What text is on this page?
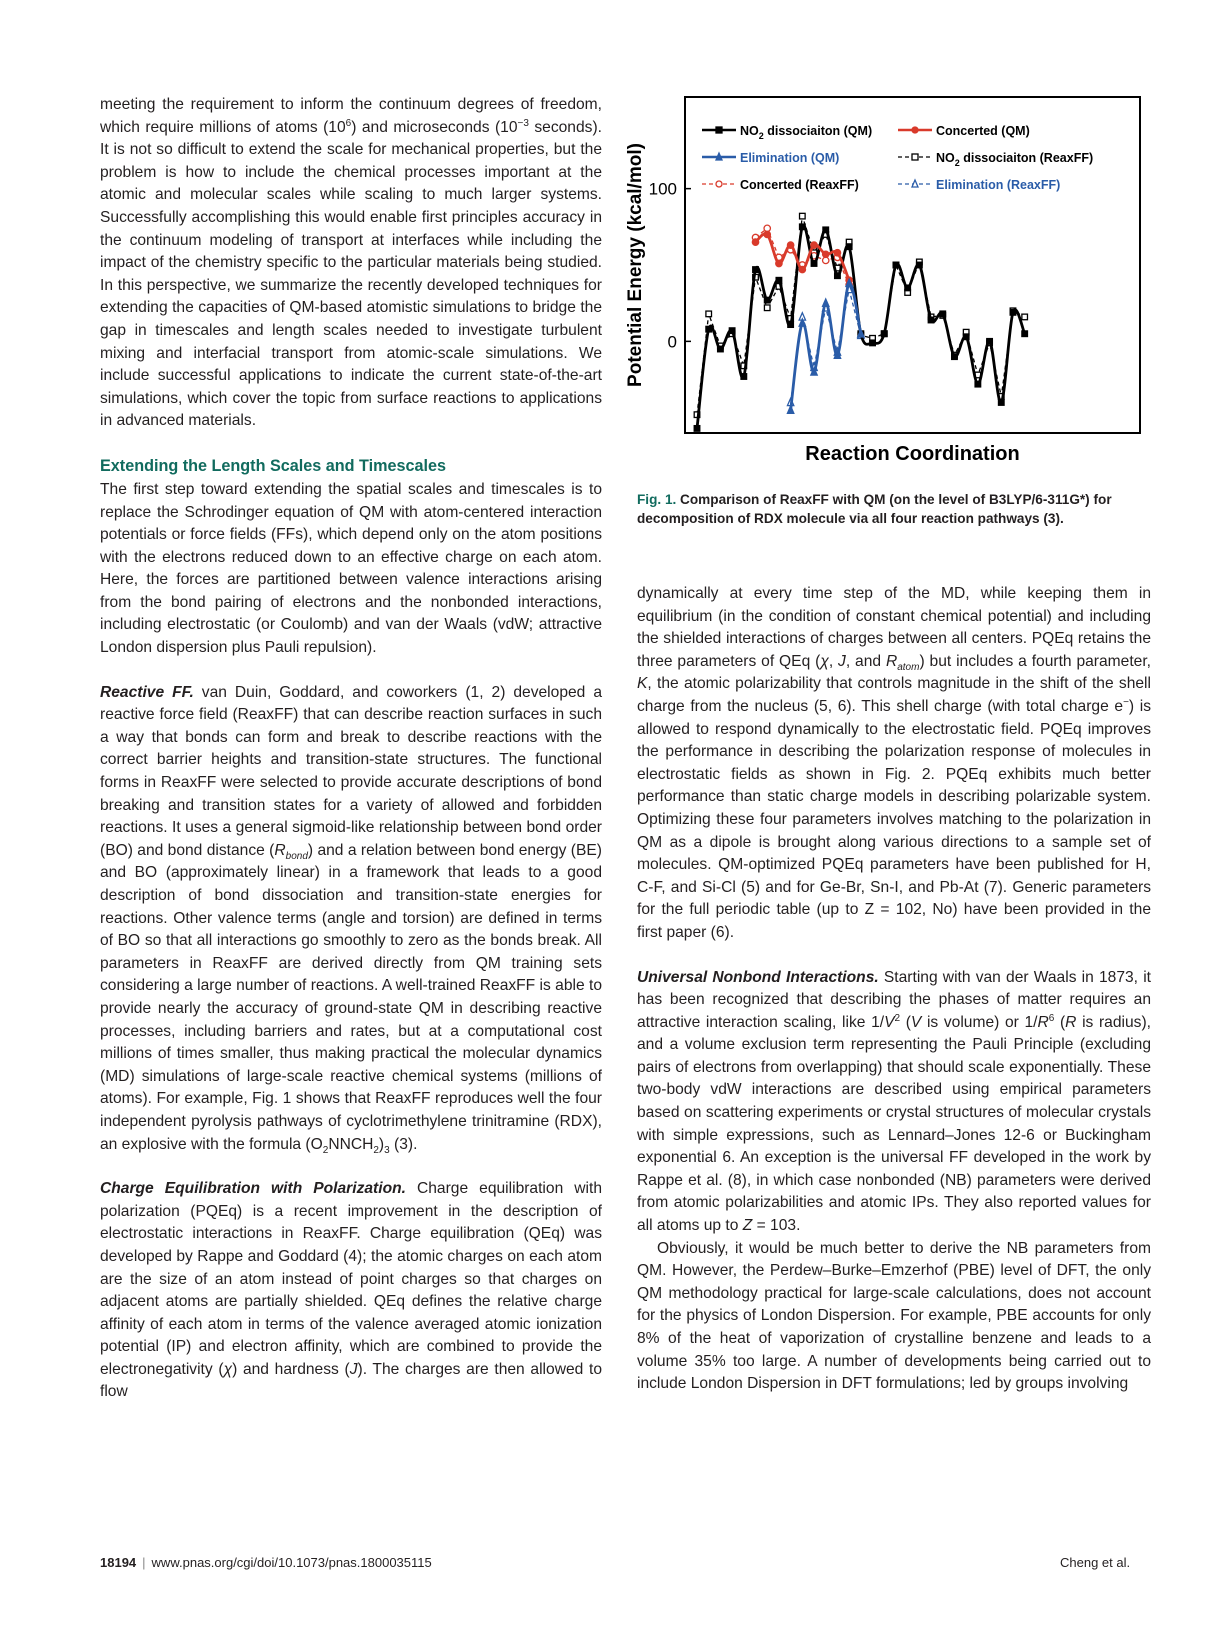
meeting the requirement to inform the continuum degrees of freedom, which require millions of atoms $(10^6)$ and microseconds ($10^{-3}$ seconds). It is not so difficult to extend the scale for mechanical properties, but the problem is how to include the chemical processes important at the atomic and molecular scales while scaling to much larger systems. Successfully accomplishing this would enable first principles accuracy in the continuum modeling of transport at interfaces while including the impact of the chemistry specific to the particular materials being studied. In this perspective, we summarize the recently developed techniques for extending the capacities of QM-based atomistic simulations to bridge the gap in timescales and length scales needed to investigate turbulent mixing and interfacial transport from atomic-scale simulations. We include successful applications to indicate the current state-of-the-art simulations, which cover the topic from surface reactions to applications in advanced materials.

Extending the Length Scales and Timescales

The first step toward extending the spatial scales and timescales is to replace the Schrodinger equation of QM with atom-centered interaction potentials or force fields (FFs), which depend only on the atom positions with the electrons reduced down to an effective charge on each atom. Here, the forces are partitioned between valence interactions arising from the bond pairing of electrons and the nonbonded interactions, including electrostatic (or Coulomb) and van der Waals (vdW; attractive London dispersion plus Pauli repulsion).

Reactive FF. van Duin, Goddard, and coworkers (1, 2) developed a reactive force field (ReaxFF) that can describe reaction surfaces in such a way that bonds can form and break to describe reactions with the correct barrier heights and transition-state structures. The functional forms in ReaxFF were selected to provide accurate descriptions of bond breaking and transition states for a variety of allowed and forbidden reactions. It uses a general sigmoid-like relationship between bond order (BO) and bond distance $(R_{bond})$ and a relation between bond energy (BE) and BO (approximately linear) in a framework that leads to a good description of bond dissociation and transition-state energies for reactions. Other valence terms (angle and torsion) are defined in terms of BO so that all interactions go smoothly to zero as the bonds break. All parameters in ReaxFF are derived directly from QM training sets considering a large number of reactions. A well-trained ReaxFF is able to provide nearly the accuracy of ground-state QM in describing reactive processes, including barriers and rates, but at a computational cost millions of times smaller, thus making practical the molecular dynamics (MD) simulations of large-scale reactive chemical systems (millions of atoms). For example, Fig. 1 shows that ReaxFF reproduces well the four independent pyrolysis pathways of cyclotrimethylene trinitramine (RDX), an explosive with the formula $(O_2NNCH_2)_3$ (3).

Charge Equilibration with Polarization. Charge equilibration with polarization (PQEq) is a recent improvement in the description of electrostatic interactions in ReaxFF. Charge equilibration (QEq) was developed by Rappe and Goddard (4); the atomic charges on each atom are the size of an atom instead of point charges so that charges on adjacent atoms are partially shielded. QEq defines the relative charge affinity of each atom in terms of the valence averaged atomic ionization potential (IP) and electron affinity, which are combined to provide the electronegativity (χ) and hardness (J). The charges are then allowed to flow

0
100
Reaction Coordination
Potential Energy (kcal/mol)
$NO_2$ dissociaiton (QM)
$NO_2$ dissociaiton (ReaxFF)
Concerted (QM)
Concerted (ReaxFF)
Elimination (QM)
Elimination (ReaxFF)
Fig. 1. Comparison of ReaxFF with QM (on the level of B3LYP/6-311G*) for decomposition of RDX molecule via all four reaction pathways (3).

dynamically at every time step of the MD, while keeping them in equilibrium (in the condition of constant chemical potential) and including the shielded interactions of charges between all centers. PQEq retains the three parameters of QEq (χ, J, and $R_{atom}$) but includes a fourth parameter, K, the atomic polarizability that controls magnitude in the shift of the shell charge from the nucleus (5, 6). This shell charge (with total charge e−) is allowed to respond dynamically to the electrostatic field. PQEq improves the performance in describing the polarization response of molecules in electrostatic fields as shown in Fig. 2. PQEq exhibits much better performance than static charge models in describing polarizable system. Optimizing these four parameters involves matching to the polarization in QM as a dipole is brought along various directions to a sample set of molecules. QM-optimized PQEq parameters have been published for H, C-F, and Si-Cl (5) and for Ge-Br, Sn-I, and Pb-At (7). Generic parameters for the full periodic table (up to Z = 102, No) have been provided in the first paper (6).

Universal Nonbond Interactions. Starting with van der Waals in 1873, it has been recognized that describing the phases of matter requires an attractive interaction scaling, like $1/V^2$ (V is volume) or $1/R^6$ (R is radius), and a volume exclusion term representing the Pauli Principle (excluding pairs of electrons from overlapping) that should scale exponentially. These two-body vdW interactions are described using empirical parameters based on scattering experiments or crystal structures of molecular crystals with simple expressions, such as Lennard–Jones 12-6 or Buckingham exponential 6. An exception is the universal FF developed in the work by Rappe et al. (8), in which case nonbonded (NB) parameters were derived from atomic polarizabilities and atomic IPs. They also reported values for all atoms up to Z = 103.

Obviously, it would be much better to derive the NB parameters from QM. However, the Perdew–Burke–Emzerhof (PBE) level of DFT, the only QM methodology practical for large-scale calculations, does not account for the physics of London Dispersion. For example, PBE accounts for only 8% of the heat of vaporization of crystalline benzene and leads to a volume 35% too large. A number of developments being carried out to include London Dispersion in DFT formulations; led by groups involving

18194 | www.pnas.org/cgi/doi/10.1073/pnas.1800035115	Cheng et al.
